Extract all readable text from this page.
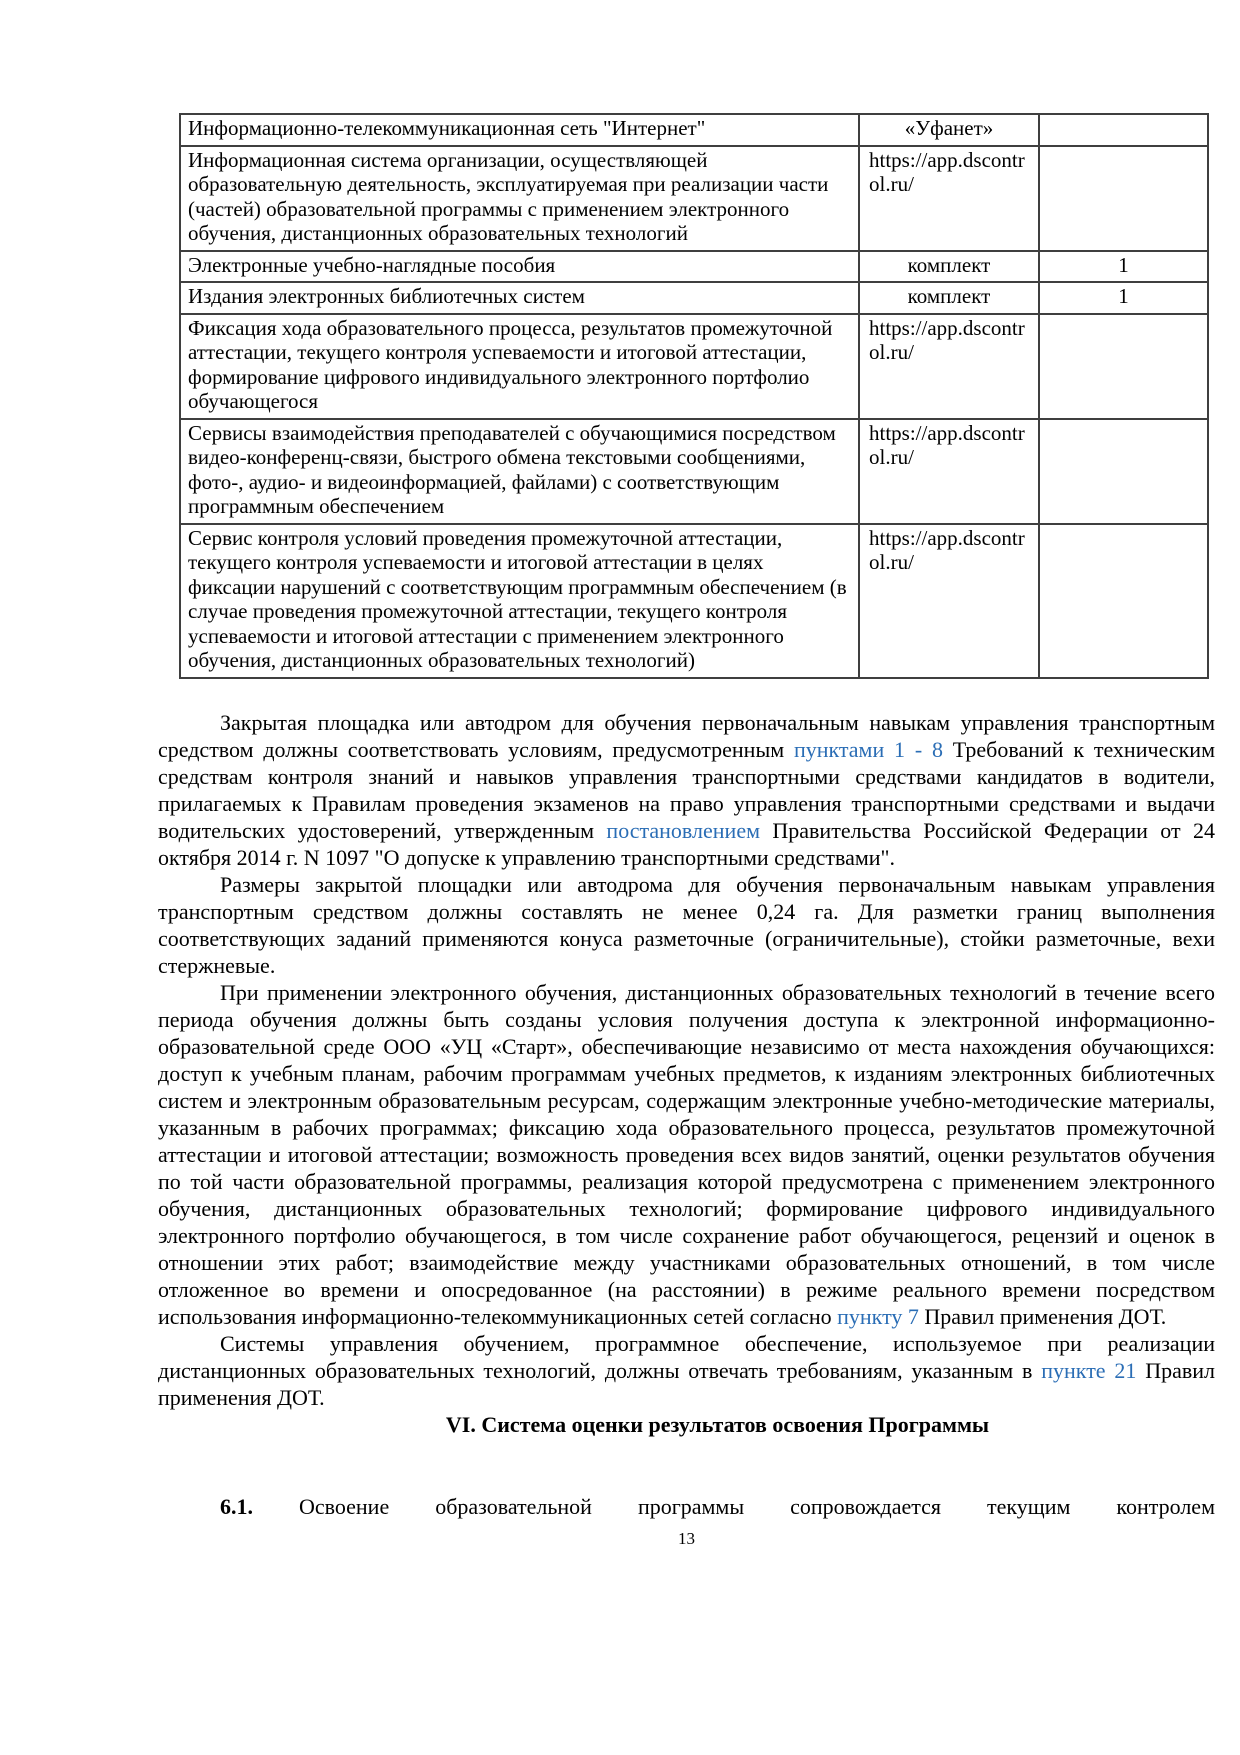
Информационно-телекоммуникационная сеть "Интернет"	«Уфанет»	
Информационная система организации, осуществляющей образовательную деятельность, эксплуатируемая при реализации части (частей) образовательной программы с применением электронного обучения, дистанционных образовательных технологий	https://app.dscontrol.ru/	
Электронные учебно-наглядные пособия	комплект	1
Издания электронных библиотечных систем	комплект	1
Фиксация хода образовательного процесса, результатов промежуточной аттестации, текущего контроля успеваемости и итоговой аттестации, формирование цифрового индивидуального электронного портфолио обучающегося	https://app.dscontrol.ru/	
Сервисы взаимодействия преподавателей с обучающимися посредством видео-конференц-связи, быстрого обмена текстовыми сообщениями, фото-, аудио- и видеоинформацией, файлами) с соответствующим программным обеспечением	https://app.dscontrol.ru/	
Сервис контроля условий проведения промежуточной аттестации, текущего контроля успеваемости и итоговой аттестации в целях фиксации нарушений с соответствующим программным обеспечением (в случае проведения промежуточной аттестации, текущего контроля успеваемости и итоговой аттестации с применением электронного обучения, дистанционных образовательных технологий)	https://app.dscontrol.ru/	

Закрытая площадка или автодром для обучения первоначальным навыкам управления транспортным средством должны соответствовать условиям, предусмотренным пунктами 1 - 8 Требований к техническим средствам контроля знаний и навыков управления транспортными средствами кандидатов в водители, прилагаемых к Правилам проведения экзаменов на право управления транспортными средствами и выдачи водительских удостоверений, утвержденным постановлением Правительства Российской Федерации от 24 октября 2014 г. N 1097 "О допуске к управлению транспортными средствами".

Размеры закрытой площадки или автодрома для обучения первоначальным навыкам управления транспортным средством должны составлять не менее 0,24 га. Для разметки границ выполнения соответствующих заданий применяются конуса разметочные (ограничительные), стойки разметочные, вехи стержневые.

При применении электронного обучения, дистанционных образовательных технологий в течение всего периода обучения должны быть созданы условия получения доступа к электронной информационно-образовательной среде ООО «УЦ «Старт», обеспечивающие независимо от места нахождения обучающихся: доступ к учебным планам, рабочим программам учебных предметов, к изданиям электронных библиотечных систем и электронным образовательным ресурсам, содержащим электронные учебно-методические материалы, указанным в рабочих программах; фиксацию хода образовательного процесса, результатов промежуточной аттестации и итоговой аттестации; возможность проведения всех видов занятий, оценки результатов обучения по той части образовательной программы, реализация которой предусмотрена с применением электронного обучения, дистанционных образовательных технологий; формирование цифрового индивидуального электронного портфолио обучающегося, в том числе сохранение работ обучающегося, рецензий и оценок в отношении этих работ; взаимодействие между участниками образовательных отношений, в том числе отложенное во времени и опосредованное (на расстоянии) в режиме реального времени посредством использования информационно-телекоммуникационных сетей согласно пункту 7 Правил применения ДОТ.

Системы управления обучением, программное обеспечение, используемое при реализации дистанционных образовательных технологий, должны отвечать требованиям, указанным в пункте 21 Правил применения ДОТ.

VI. Система оценки результатов освоения Программы

6.1. Освоение образовательной программы сопровождается текущим контролем

13
